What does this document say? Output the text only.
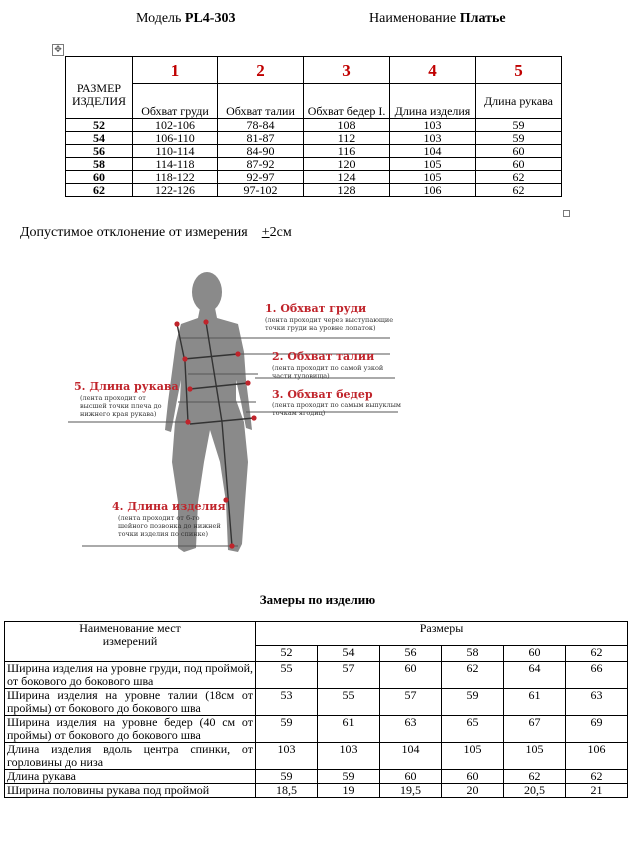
Модель PL4-303	Наименование Платье
✥
РАЗМЕР ИЗДЕЛИЯ	1	2	3	4	5
	Обхват груди	Обхват талии	Обхват бедер I.	Длина изделия	Длина рукава
52	102-106	78-84	108	103	59
54	106-110	81-87	112	103	59
56	110-114	84-90	116	104	60
58	114-118	87-92	120	105	60
60	118-122	92-97	124	105	62
62	122-126	97-102	128	106	62
Допустимое отклонение от измерения +2см
1. Обхват груди
(лента проходит через выступающие
точки груди на уровне лопаток)
2. Обхват талии
(лента проходит по самой узкой
части туловища)
3. Обхват бедер
(лента проходит по самым выпуклым
точкам ягодиц)
4. Длина изделия
(лента проходит от 6-го
шейного позвонка до нижней
точки изделия по спинке)
5. Длина рукава
(лента проходит от
высшей точки плеча до
нижнего края рукава)
Замеры по изделию
Наименование мест измерений	Размеры					
	52	54	56	58	60	62
Ширина изделия на уровне груди, под проймой, от бокового до бокового шва	55	57	60	62	64	66
Ширина изделия на уровне талии (18см от проймы) от бокового до бокового шва	53	55	57	59	61	63
Ширина изделия на уровне бедер (40 см от проймы) от бокового до бокового шва	59	61	63	65	67	69
Длина изделия вдоль центра спинки, от горловины до низа	103	103	104	105	105	106
Длина рукава	59	59	60	60	62	62
Ширина половины рукава под проймой	18,5	19	19,5	20	20,5	21
